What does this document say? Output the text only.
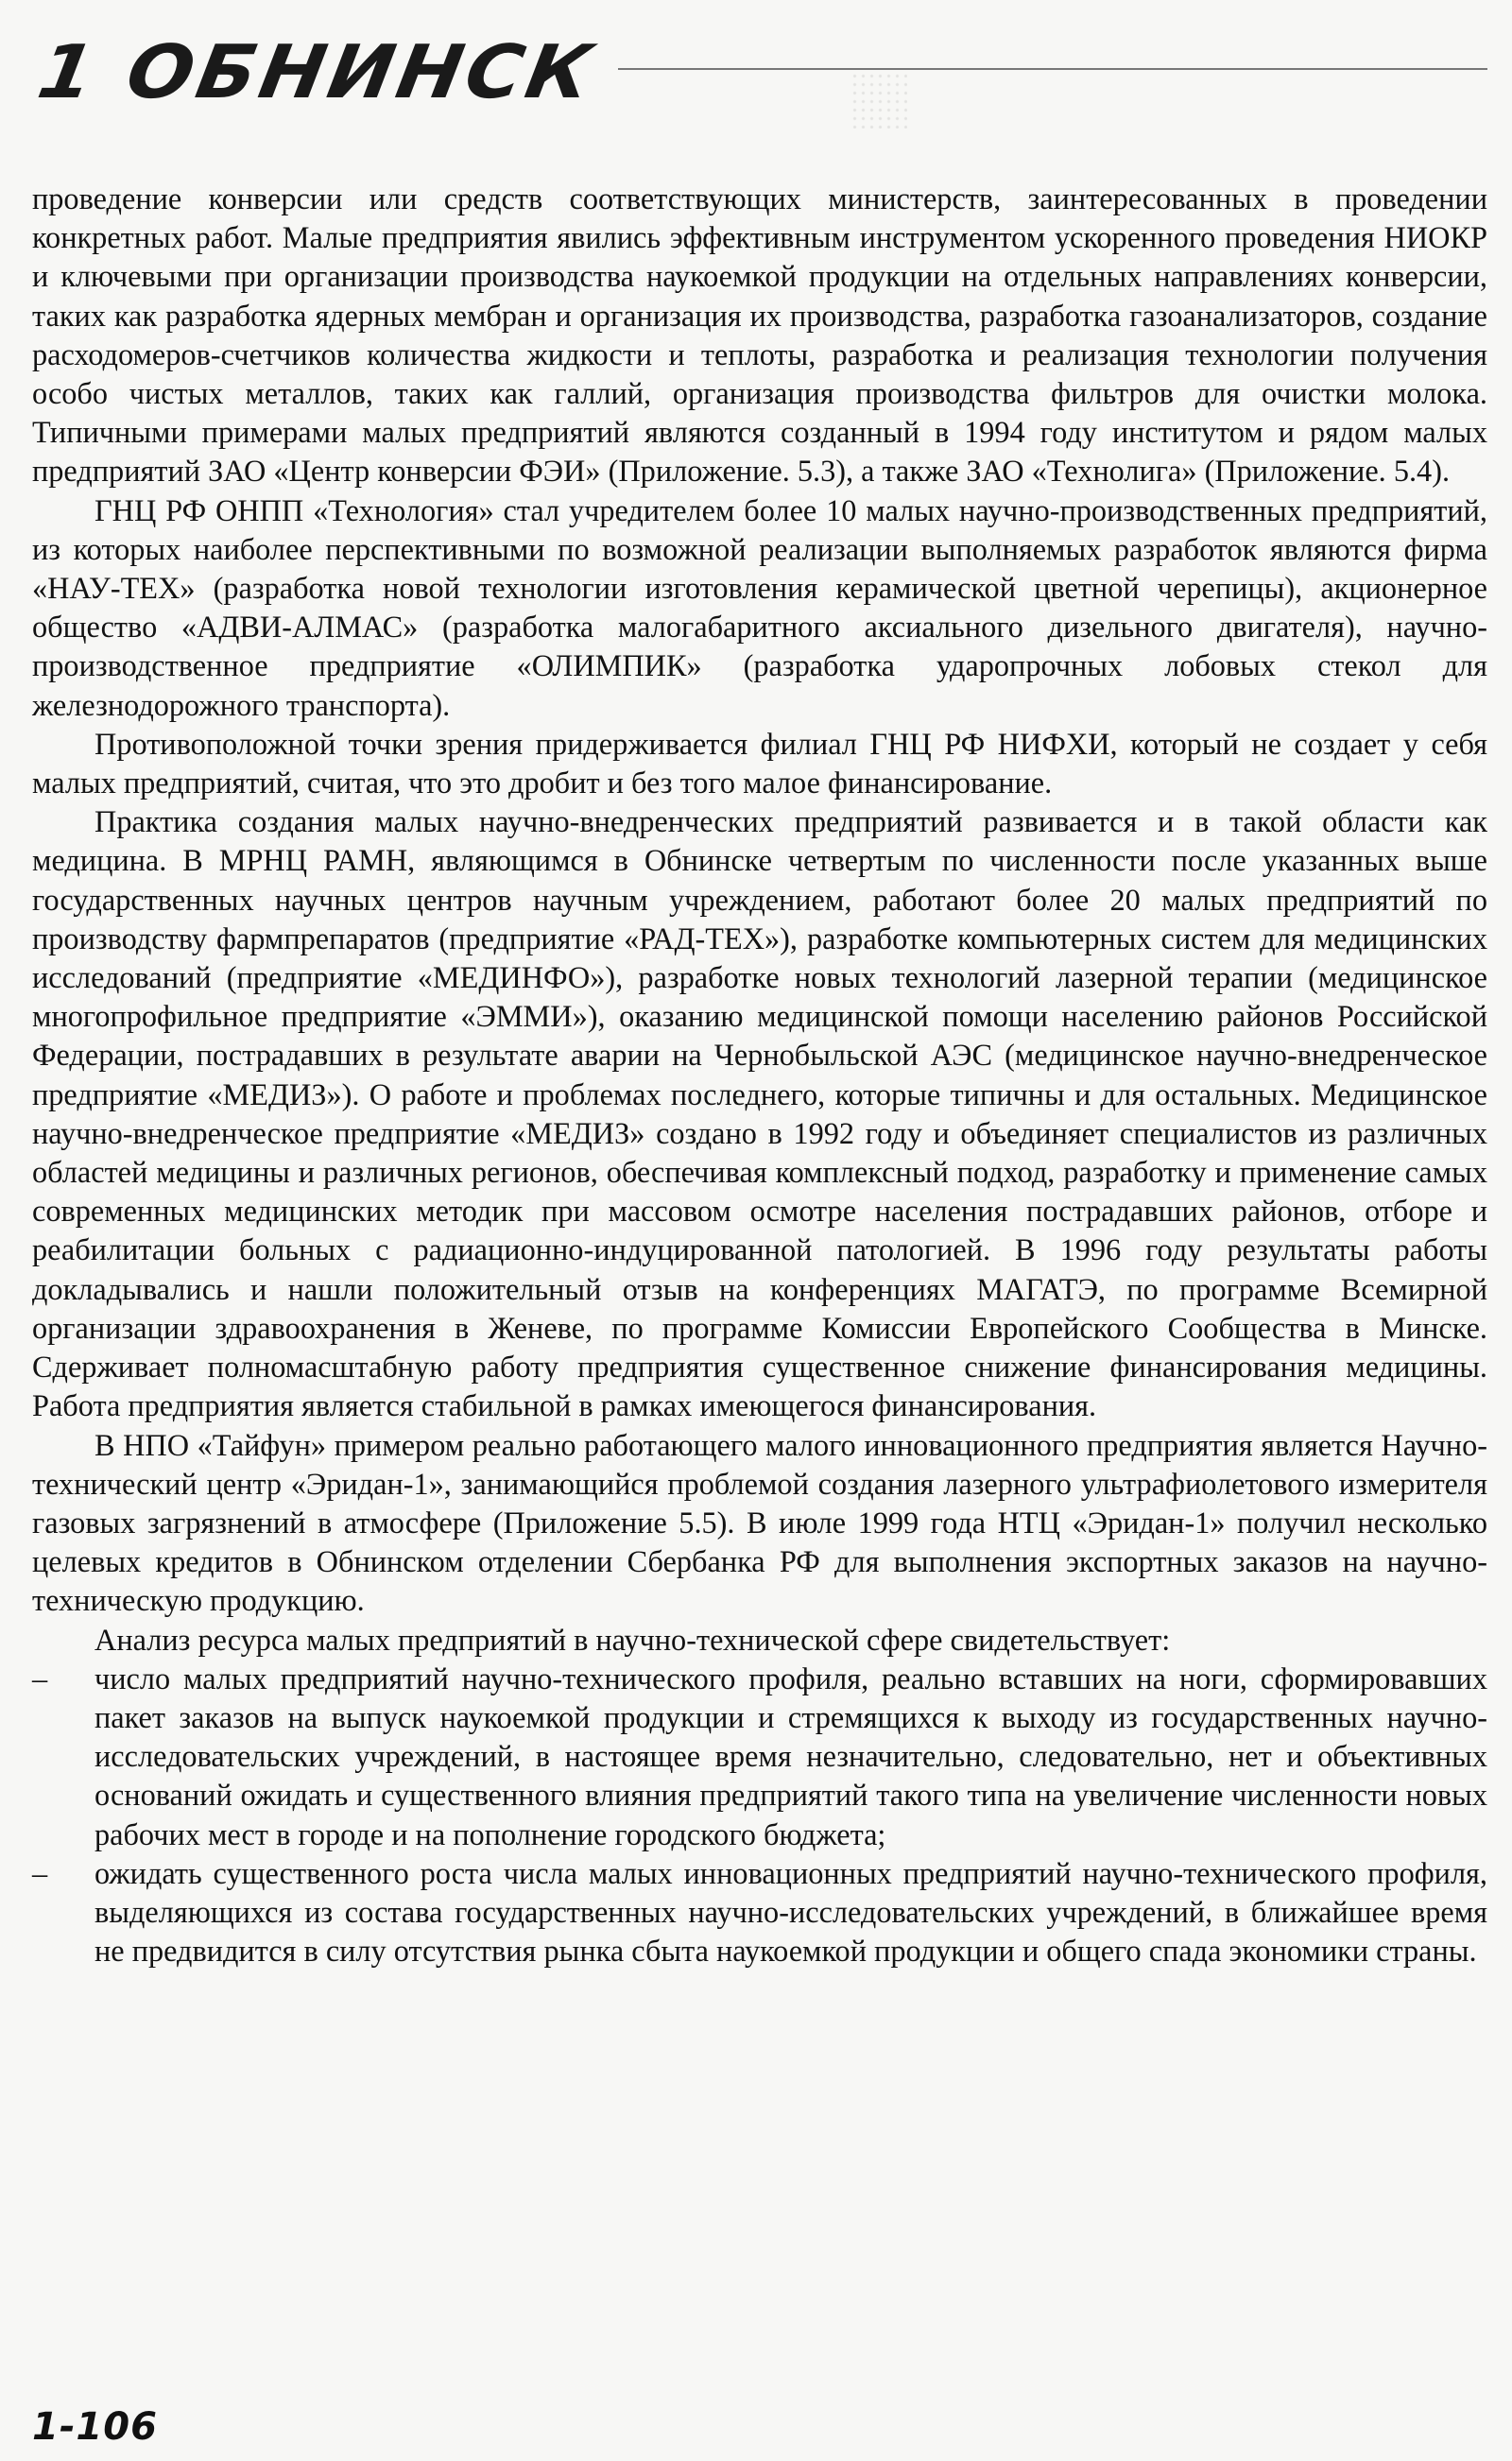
1 ОБНИНСК

проведение конверсии или средств соответствующих министерств, заинтересованных в проведении конкретных работ. Малые предприятия явились эффективным инструментом ускоренного проведения НИОКР и ключевыми при организации производства наукоемкой продукции на отдельных направлениях конверсии, таких как разработка ядерных мембран и организация их производства, разработка газоанализаторов, создание расходомеров-счетчиков количества жидкости и теплоты, разработка и реализация технологии получения особо чистых металлов, таких как галлий, организация производства фильтров для очистки молока. Типичными примерами малых предприятий являются созданный в 1994 году институтом и рядом малых предприятий ЗАО «Центр конверсии ФЭИ» (Приложение. 5.3), а также ЗАО «Технолига» (Приложение. 5.4).

ГНЦ РФ ОНПП «Технология» стал учредителем более 10 малых научно-производственных предприятий, из которых наиболее перспективными по возможной реализации выполняемых разработок являются фирма «НАУ-ТЕХ» (разработка новой технологии изготовления керамической цветной черепицы), акционерное общество «АДВИ-АЛМАС» (разработка малогабаритного аксиального дизельного двигателя), научно-производственное предприятие «ОЛИМПИК» (разработка ударопрочных лобовых стекол для железнодорожного транспорта).

Противоположной точки зрения придерживается филиал ГНЦ РФ НИФХИ, который не создает у себя малых предприятий, считая, что это дробит и без того малое финансирование.

Практика создания малых научно-внедренческих предприятий развивается и в такой области как медицина. В МРНЦ РАМН, являющимся в Обнинске четвертым по численности после указанных выше государственных научных центров научным учреждением, работают более 20 малых предприятий по производству фармпрепаратов (предприятие «РАД-ТЕХ»), разработке компьютерных систем для медицинских исследований (предприятие «МЕДИНФО»), разработке новых технологий лазерной терапии (медицинское многопрофильное предприятие «ЭММИ»), оказанию медицинской помощи населению районов Российской Федерации, пострадавших в результате аварии на Чернобыльской АЭС (медицинское научно-внедренческое предприятие «МЕДИЗ»). О работе и проблемах последнего, которые типичны и для остальных. Медицинское научно-внедренческое предприятие «МЕДИЗ» создано в 1992 году и объединяет специалистов из различных областей медицины и различных регионов, обеспечивая комплексный подход, разработку и применение самых современных медицинских методик при массовом осмотре населения пострадавших районов, отборе и реабилитации больных с радиационно-индуцированной патологией. В 1996 году результаты работы докладывались и нашли положительный отзыв на конференциях МАГАТЭ, по программе Всемирной организации здравоохранения в Женеве, по программе Комиссии Европейского Сообщества в Минске. Сдерживает полномасштабную работу предприятия существенное снижение финансирования медицины. Работа предприятия является стабильной в рамках имеющегося финансирования.

В НПО «Тайфун» примером реально работающего малого инновационного предприятия является Научно-технический центр «Эридан-1», занимающийся проблемой создания лазерного ультрафиолетового измерителя газовых загрязнений в атмосфере (Приложение 5.5). В июле 1999 года НТЦ «Эридан-1» получил несколько целевых кредитов в Обнинском отделении Сбербанка РФ для выполнения экспортных заказов на научно-техническую продукцию.

Анализ ресурса малых предприятий в научно-технической сфере свидетельствует:

–	число малых предприятий научно-технического профиля, реально вставших на ноги, сформировавших пакет заказов на выпуск наукоемкой продукции и стремящихся к выходу из государственных научно-исследовательских учреждений, в настоящее время незначительно, следовательно, нет и объективных оснований ожидать и существенного влияния предприятий такого типа на увеличение численности новых рабочих мест в городе и на пополнение городского бюджета;
–	ожидать существенного роста числа малых инновационных предприятий научно-технического профиля, выделяющихся из состава государственных научно-исследовательских учреждений, в ближайшее время не предвидится в силу отсутствия рынка сбыта наукоемкой продукции и общего спада экономики страны.
1-106
